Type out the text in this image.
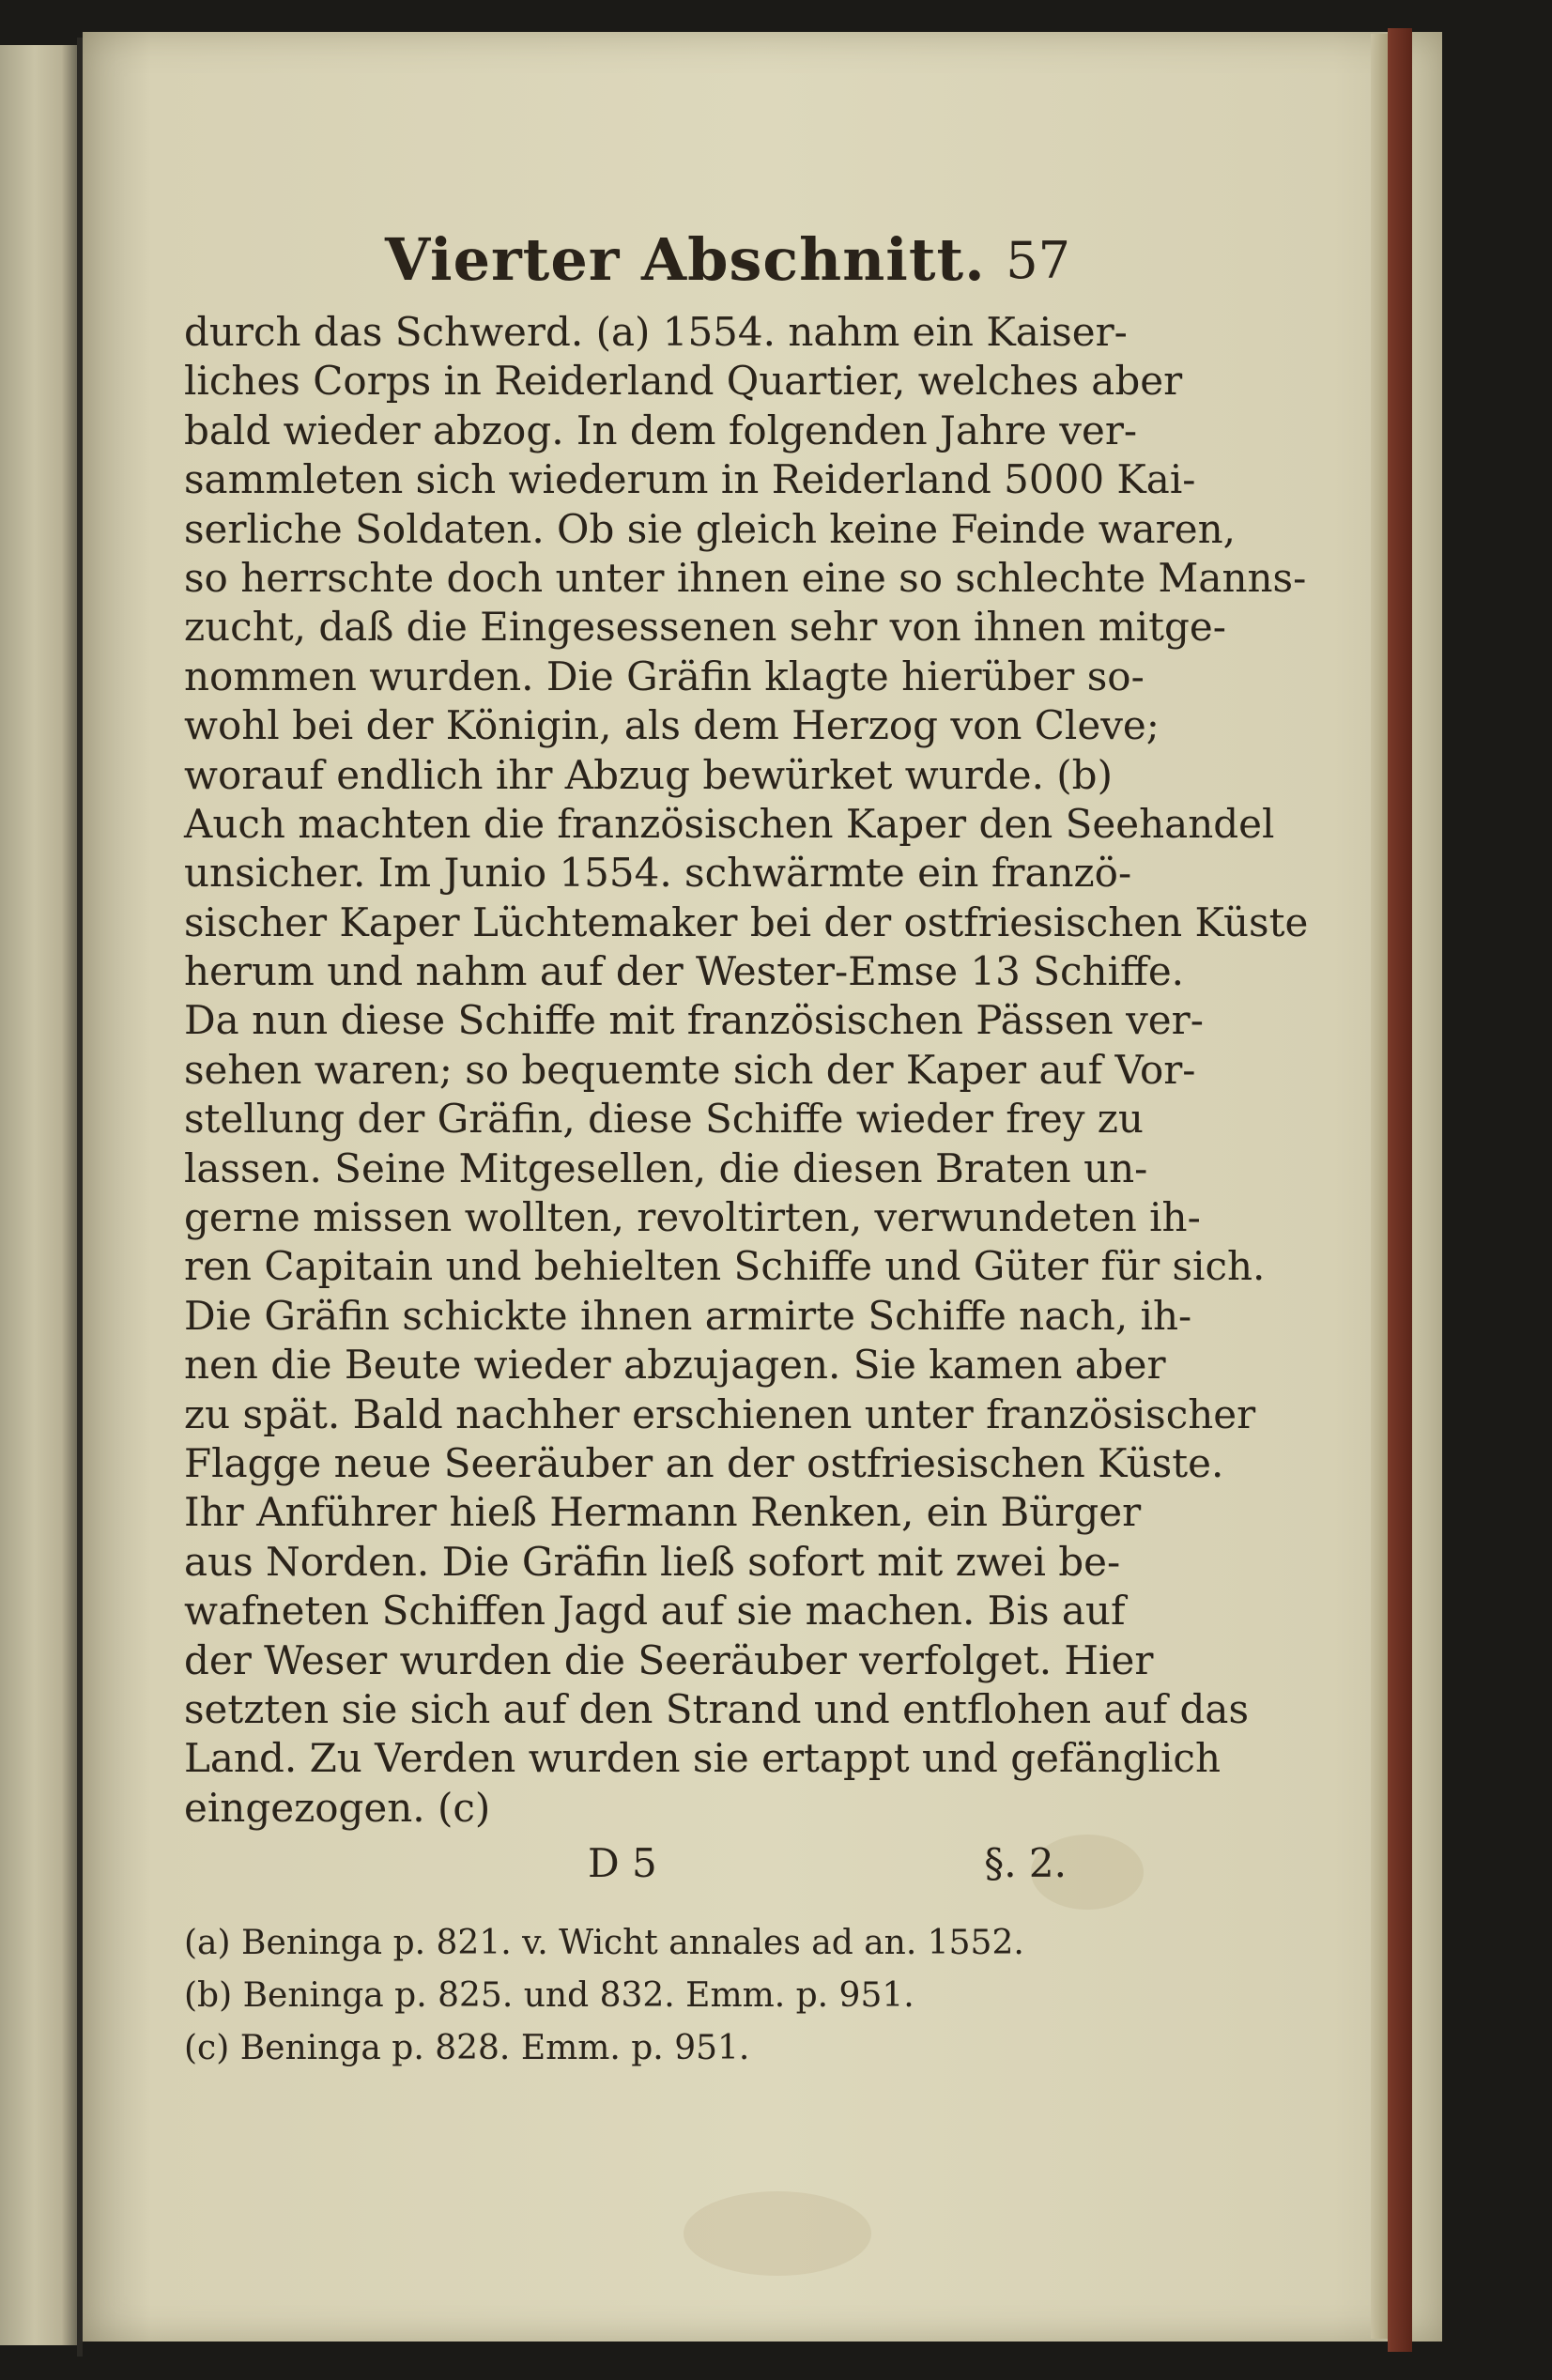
Vierter Abschnitt. 57
durch das Schwerd. (a) 1554. nahm ein Kaiser-
liches Corps in Reiderland Quartier, welches aber
bald wieder abzog. In dem folgenden Jahre ver-
sammleten sich wiederum in Reiderland 5000 Kai-
serliche Soldaten. Ob sie gleich keine Feinde waren,
so herrschte doch unter ihnen eine so schlechte Manns-
zucht, daß die Eingesessenen sehr von ihnen mitge-
nommen wurden. Die Gräfin klagte hierüber so-
wohl bei der Königin, als dem Herzog von Cleve;
worauf endlich ihr Abzug bewürket wurde. (b)
Auch machten die französischen Kaper den Seehandel
unsicher. Im Junio 1554. schwärmte ein franzö-
sischer Kaper Lüchtemaker bei der ostfriesischen Küste
herum und nahm auf der Wester-Emse 13 Schiffe.
Da nun diese Schiffe mit französischen Pässen ver-
sehen waren; so bequemte sich der Kaper auf Vor-
stellung der Gräfin, diese Schiffe wieder frey zu
lassen. Seine Mitgesellen, die diesen Braten un-
gerne missen wollten, revoltirten, verwundeten ih-
ren Capitain und behielten Schiffe und Güter für sich.
Die Gräfin schickte ihnen armirte Schiffe nach, ih-
nen die Beute wieder abzujagen. Sie kamen aber
zu spät. Bald nachher erschienen unter französischer
Flagge neue Seeräuber an der ostfriesischen Küste.
Ihr Anführer hieß Hermann Renken, ein Bürger
aus Norden. Die Gräfin ließ sofort mit zwei be-
wafneten Schiffen Jagd auf sie machen. Bis auf
der Weser wurden die Seeräuber verfolget. Hier
setzten sie sich auf den Strand und entflohen auf das
Land. Zu Verden wurden sie ertappt und gefänglich
eingezogen. (c)
D 5	§. 2.
(a) Beninga p. 821. v. Wicht annales ad an. 1552.
(b) Beninga p. 825. und 832. Emm. p. 951.
(c) Beninga p. 828. Emm. p. 951.
